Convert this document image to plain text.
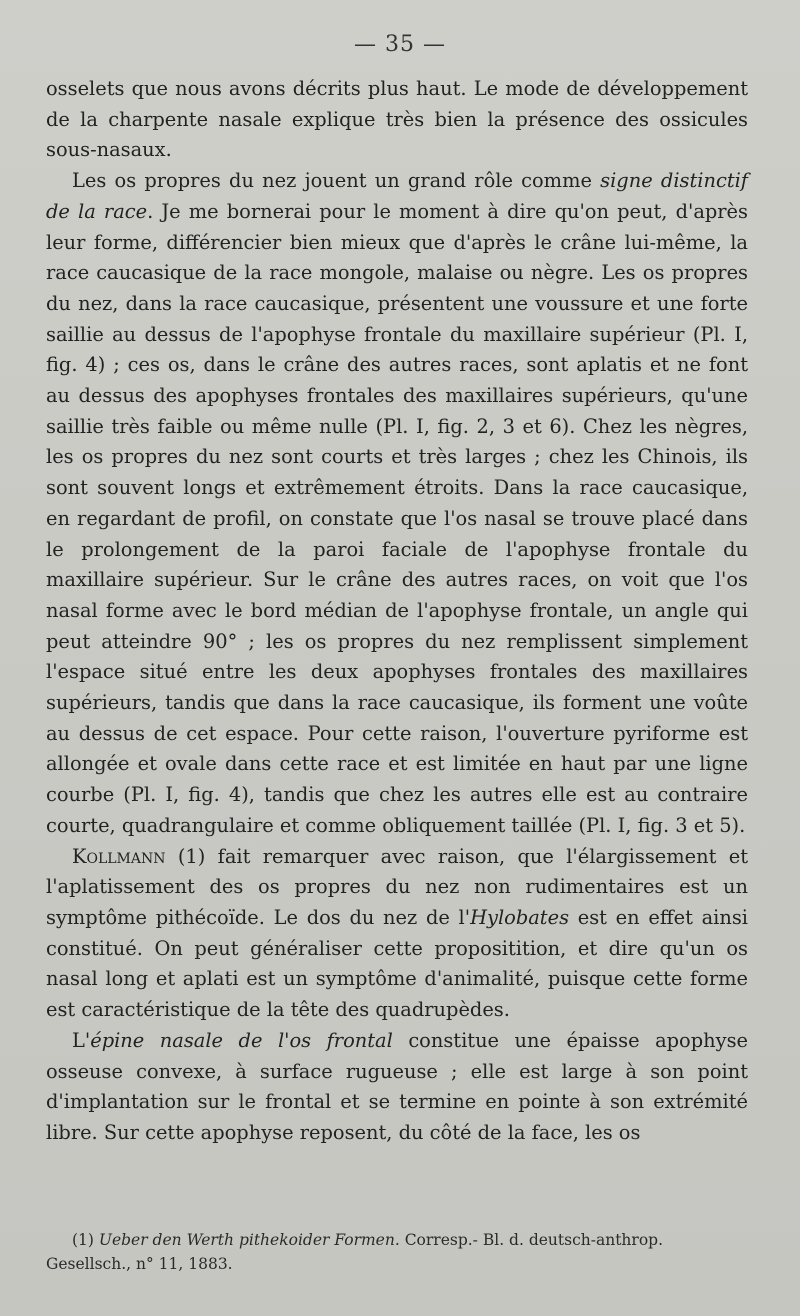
— 35 —

osselets que nous avons décrits plus haut. Le mode de développement de la charpente nasale explique très bien la présence des ossicules sous-nasaux.

Les os propres du nez jouent un grand rôle comme signe distinctif de la race. Je me bornerai pour le moment à dire qu'on peut, d'après leur forme, différencier bien mieux que d'après le crâne lui-même, la race caucasique de la race mongole, malaise ou nègre. Les os propres du nez, dans la race caucasique, présentent une voussure et une forte saillie au dessus de l'apophyse frontale du maxillaire supérieur (Pl. I, fig. 4) ; ces os, dans le crâne des autres races, sont aplatis et ne font au dessus des apophyses frontales des maxillaires supérieurs, qu'une saillie très faible ou même nulle (Pl. I, fig. 2, 3 et 6). Chez les nègres, les os propres du nez sont courts et très larges ; chez les Chinois, ils sont souvent longs et extrêmement étroits. Dans la race caucasique, en regardant de profil, on constate que l'os nasal se trouve placé dans le prolongement de la paroi faciale de l'apophyse frontale du maxillaire supérieur. Sur le crâne des autres races, on voit que l'os nasal forme avec le bord médian de l'apophyse frontale, un angle qui peut atteindre 90° ; les os propres du nez remplissent simplement l'espace situé entre les deux apophyses frontales des maxillaires supérieurs, tandis que dans la race caucasique, ils forment une voûte au dessus de cet espace. Pour cette raison, l'ouverture pyriforme est allongée et ovale dans cette race et est limitée en haut par une ligne courbe (Pl. I, fig. 4), tandis que chez les autres elle est au contraire courte, quadrangulaire et comme obliquement taillée (Pl. I, fig. 3 et 5).

Kollmann (1) fait remarquer avec raison, que l'élargissement et l'aplatissement des os propres du nez non rudimentaires est un symptôme pithécoïde. Le dos du nez de l'Hylobates est en effet ainsi constitué. On peut généraliser cette propositition, et dire qu'un os nasal long et aplati est un symptôme d'animalité, puisque cette forme est caractéristique de la tête des quadrupèdes.

L'épine nasale de l'os frontal constitue une épaisse apophyse osseuse convexe, à surface rugueuse ; elle est large à son point d'implantation sur le frontal et se termine en pointe à son extrémité libre. Sur cette apophyse reposent, du côté de la face, les os

(1) Ueber den Werth pithekoider Formen. Corresp.- Bl. d. deutsch-anthrop. Gesellsch., n° 11, 1883.
